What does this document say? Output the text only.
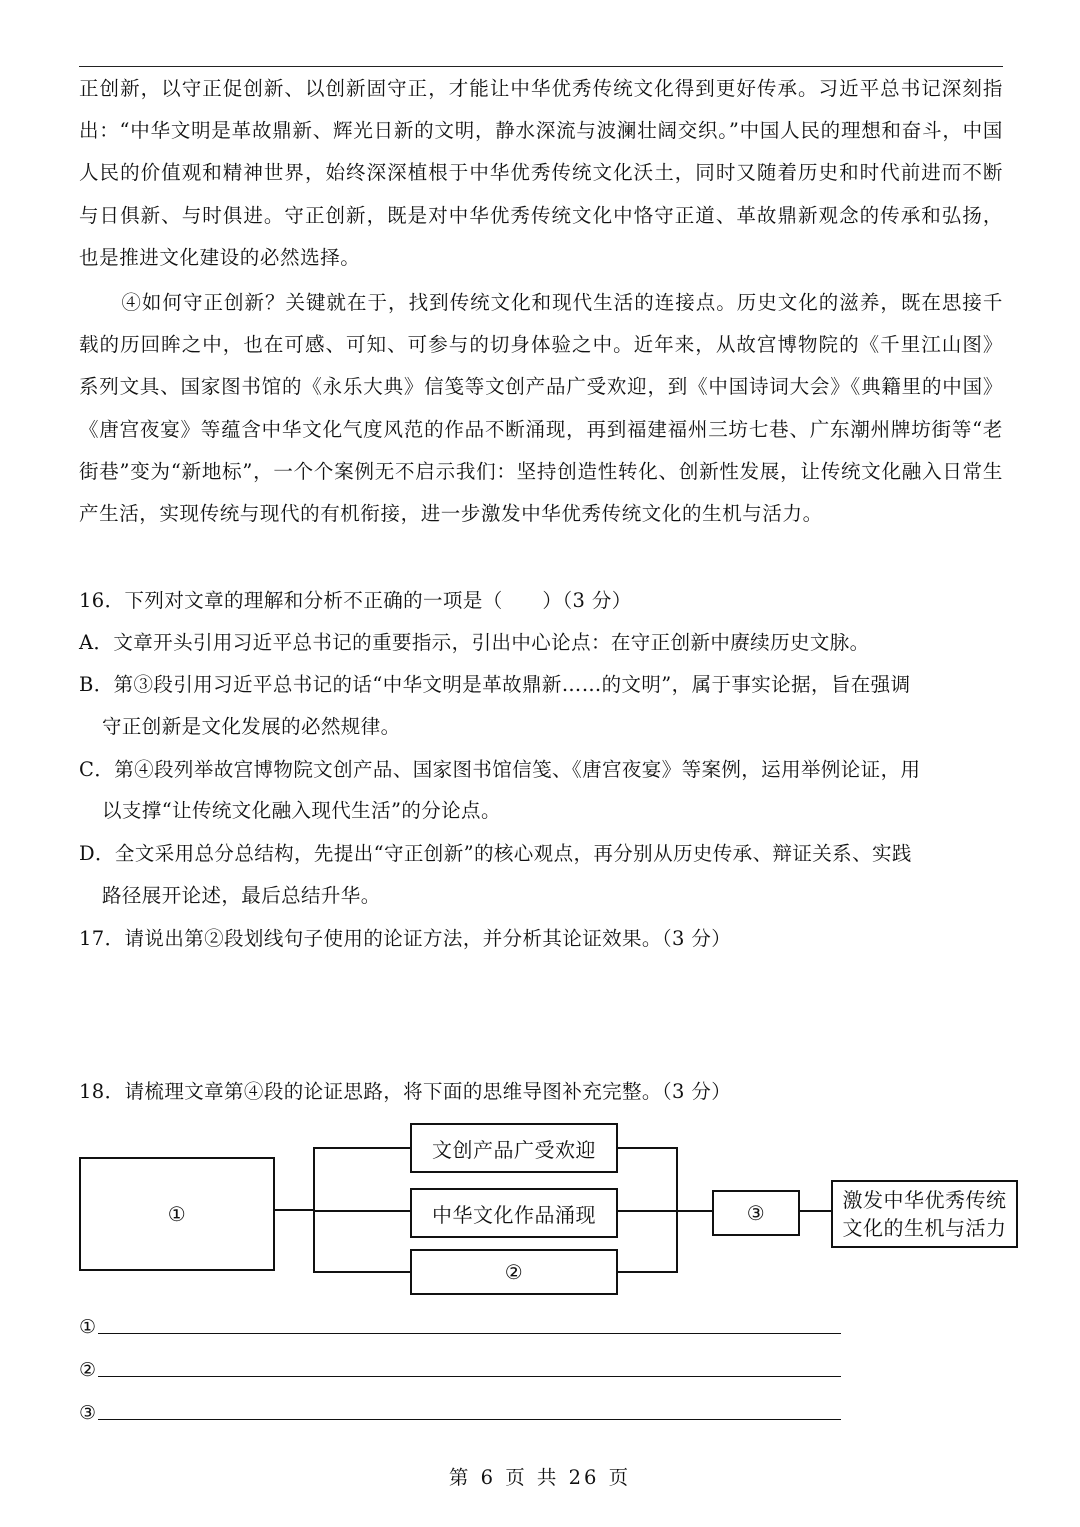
正创新，以守正促创新、以创新固守正，才能让中华优秀传统文化得到更好传承。习近平总书记深刻指出：“中华文明是革故鼎新、辉光日新的文明，静水深流与波澜壮阔交织。”中国人民的理想和奋斗，中国人民的价值观和精神世界，始终深深植根于中华优秀传统文化沃土，同时又随着历史和时代前进而不断与日俱新、与时俱进。守正创新，既是对中华优秀传统文化中恪守正道、革故鼎新观念的传承和弘扬，也是推进文化建设的必然选择。
④如何守正创新？关键就在于，找到传统文化和现代生活的连接点。历史文化的滋养，既在思接千载的历回眸之中，也在可感、可知、可参与的切身体验之中。近年来，从故宫博物院的《千里江山图》系列文具、国家图书馆的《永乐大典》信笺等文创产品广受欢迎，到《中国诗词大会》《典籍里的中国》《唐宫夜宴》等蕴含中华文化气度风范的作品不断涌现，再到福建福州三坊七巷、广东潮州牌坊街等“老街巷”变为“新地标”，一个个案例无不启示我们：坚持创造性转化、创新性发展，让传统文化融入日常生产生活，实现传统与现代的有机衔接，进一步激发中华优秀传统文化的生机与活力。
16．下列对文章的理解和分析不正确的一项是（　　）（3 分）
A．文章开头引用习近平总书记的重要指示，引出中心论点：在守正创新中赓续历史文脉。
B．第③段引用习近平总书记的话“中华文明是革故鼎新……的文明”，属于事实论据，旨在强调
守正创新是文化发展的必然规律。
C．第④段列举故宫博物院文创产品、国家图书馆信笺、《唐宫夜宴》等案例，运用举例论证，用
以支撑“让传统文化融入现代生活”的分论点。
D．全文采用总分总结构，先提出“守正创新”的核心观点，再分别从历史传承、辩证关系、实践
路径展开论述，最后总结升华。
17．请说出第②段划线句子使用的论证方法，并分析其论证效果。（3 分）
18．请梳理文章第④段的论证思路，将下面的思维导图补充完整。（3 分）
①
文创产品广受欢迎
中华文化作品涌现
②
③
激发中华优秀传统
文化的生机与活力
①
②
③
第 6 页 共 26 页
